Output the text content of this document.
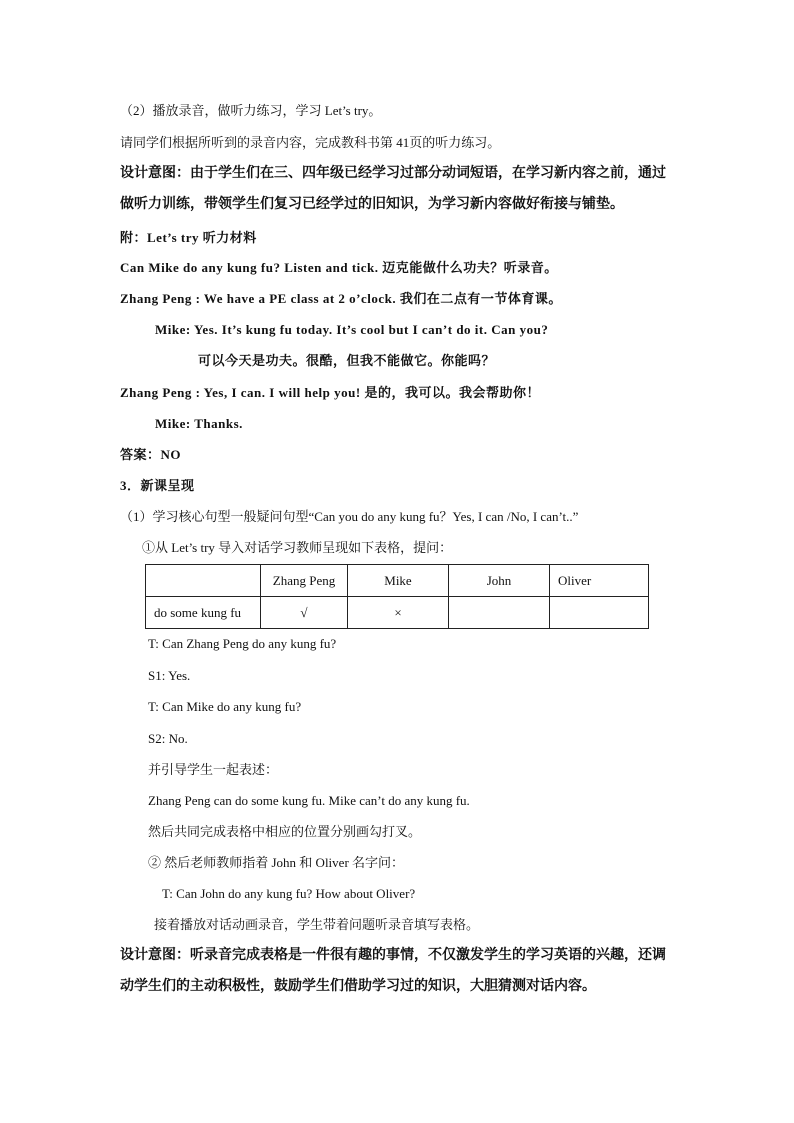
（2）播放录音，做听力练习，学习 Let’s try。
请同学们根据所听到的录音内容，完成教科书第 41页的听力练习。
设计意图：由于学生们在三、四年级已经学习过部分动词短语，在学习新内容之前，通过
做听力训练，带领学生们复习已经学过的旧知识，为学习新内容做好衔接与铺垫。
附：Let’s try 听力材料
Can Mike do any kung fu? Listen and tick. 迈克能做什么功夫？听录音。
Zhang Peng : We have a PE class at 2 o’clock. 我们在二点有一节体育课。
Mike: Yes. It’s kung fu today. It’s cool but I can’t do it. Can you?
可以今天是功夫。很酷，但我不能做它。你能吗？
Zhang Peng : Yes, I can. I will help you! 是的，我可以。我会帮助你！
Mike: Thanks.
答案：NO
3．新课呈现
（1）学习核心句型一般疑问句型“Can you do any kung fu？Yes, I can /No, I can’t..”
①从 Let’s try 导入对话学习教师呈现如下表格，提问：
	Zhang Peng	Mike	John	Oliver
do some kung fu	√	×		
T: Can Zhang Peng do any kung fu?
S1: Yes.
T: Can Mike do any kung fu?
S2: No.
并引导学生一起表述：
Zhang Peng can do some kung fu. Mike can’t do any kung fu.
然后共同完成表格中相应的位置分别画勾打叉。
② 然后老师教师指着 John 和 Oliver 名字问：
T: Can John do any kung fu? How about Oliver?
接着播放对话动画录音，学生带着问题听录音填写表格。
设计意图：听录音完成表格是一件很有趣的事情，不仅激发学生的学习英语的兴趣，还调
动学生们的主动积极性，鼓励学生们借助学习过的知识，大胆猜测对话内容。
